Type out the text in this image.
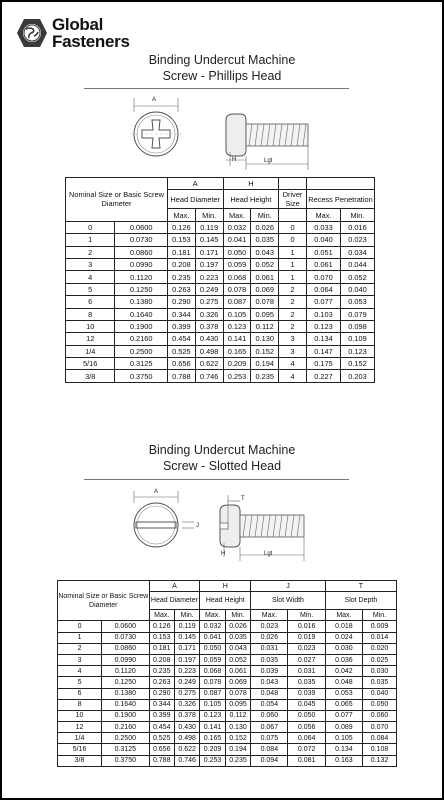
Global
Fasteners
Binding Undercut Machine
Screw - Phillips Head
A
H	Lgt
Nominal Size or Basic Screw Diameter		A		H				
		Head Diameter		Head Height		Driver Size	Recess Penetration	
		Max.	Min.	Max.	Min.		Max.	Min.
0	0.0600	0.126	0.119	0.032	0.026	0	0.033	0.016
1	0.0730	0.153	0.145	0.041	0.035	0	0.040	0.023
2	0.0860	0.181	0.171	0.050	0.043	1	0.051	0.034
3	0.0990	0.208	0.197	0.059	0.052	1	0.061	0.044
4	0.1120	0.235	0.223	0.068	0.061	1	0.070	0.052
5	0.1250	0.263	0.249	0.078	0.069	2	0.064	0.040
6	0.1380	0.290	0.275	0.087	0.078	2	0.077	0.053
8	0.1640	0.344	0.326	0.105	0.095	2	0.103	0.079
10	0.1900	0.399	0.378	0.123	0.112	2	0.123	0.098
12	0.2160	0.454	0.430	0.141	0.130	3	0.134	0.109
1/4	0.2500	0.525	0.498	0.165	0.152	3	0.147	0.123
5/16	0.3125	0.656	0.622	0.209	0.194	4	0.175	0.152
3/8	0.3750	0.788	0.746	0.253	0.235	4	0.227	0.203
Binding Undercut Machine
Screw - Slotted Head
A
T
J
H	Lgt
Nominal Size or Basic Screw Diameter		A		H		J		T	
		Head Diameter		Head Height		Slot Width		Slot Depth	
		Max.	Min.	Max.	Min.	Max.	Min.	Max.	Min.
0	0.0600	0.126	0.119	0.032	0.026	0.023	0.016	0.018	0.009
1	0.0730	0.153	0.145	0.041	0.035	0.026	0.019	0.024	0.014
2	0.0860	0.181	0.171	0.050	0.043	0.031	0.023	0.030	0.020
3	0.0990	0.208	0.197	0.059	0.052	0.035	0.027	0.036	0.025
4	0.1120	0.235	0.223	0.068	0.061	0.039	0.031	0.042	0.030
5	0.1250	0.263	0.249	0.078	0.069	0.043	0.035	0.048	0.035
6	0.1380	0.290	0.275	0.087	0.078	0.048	0.039	0.053	0.040
8	0.1640	0.344	0.326	0.105	0.095	0.054	0.045	0.065	0.050
10	0.1900	0.399	0.378	0.123	0.112	0.060	0.050	0.077	0.060
12	0.2160	0.454	0.430	0.141	0.130	0.067	0.056	0.089	0.070
1/4	0.2500	0.525	0.498	0.165	0.152	0.075	0.064	0.105	0.084
5/16	0.3125	0.656	0.622	0.209	0.194	0.084	0.072	0.134	0.108
3/8	0.3750	0.788	0.746	0.253	0.235	0.094	0.081	0.163	0.132
